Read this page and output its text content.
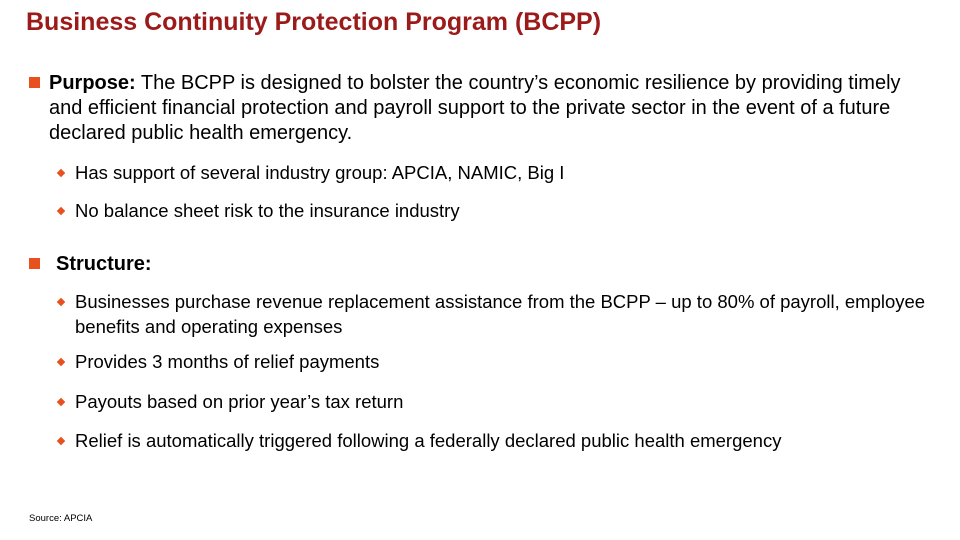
Business Continuity Protection Program (BCPP)
Purpose: The BCPP is designed to bolster the country’s economic resilience by providing timely and efficient financial protection and payroll support to the private sector in the event of a future declared public health emergency.
Has support of several industry group: APCIA, NAMIC, Big I
No balance sheet risk to the insurance industry
Structure:
Businesses purchase revenue replacement assistance from the BCPP – up to 80% of payroll, employee benefits and operating expenses
Provides 3 months of relief payments
Payouts based on prior year’s tax return
Relief is automatically triggered following a federally declared public health emergency
Source: APCIA
